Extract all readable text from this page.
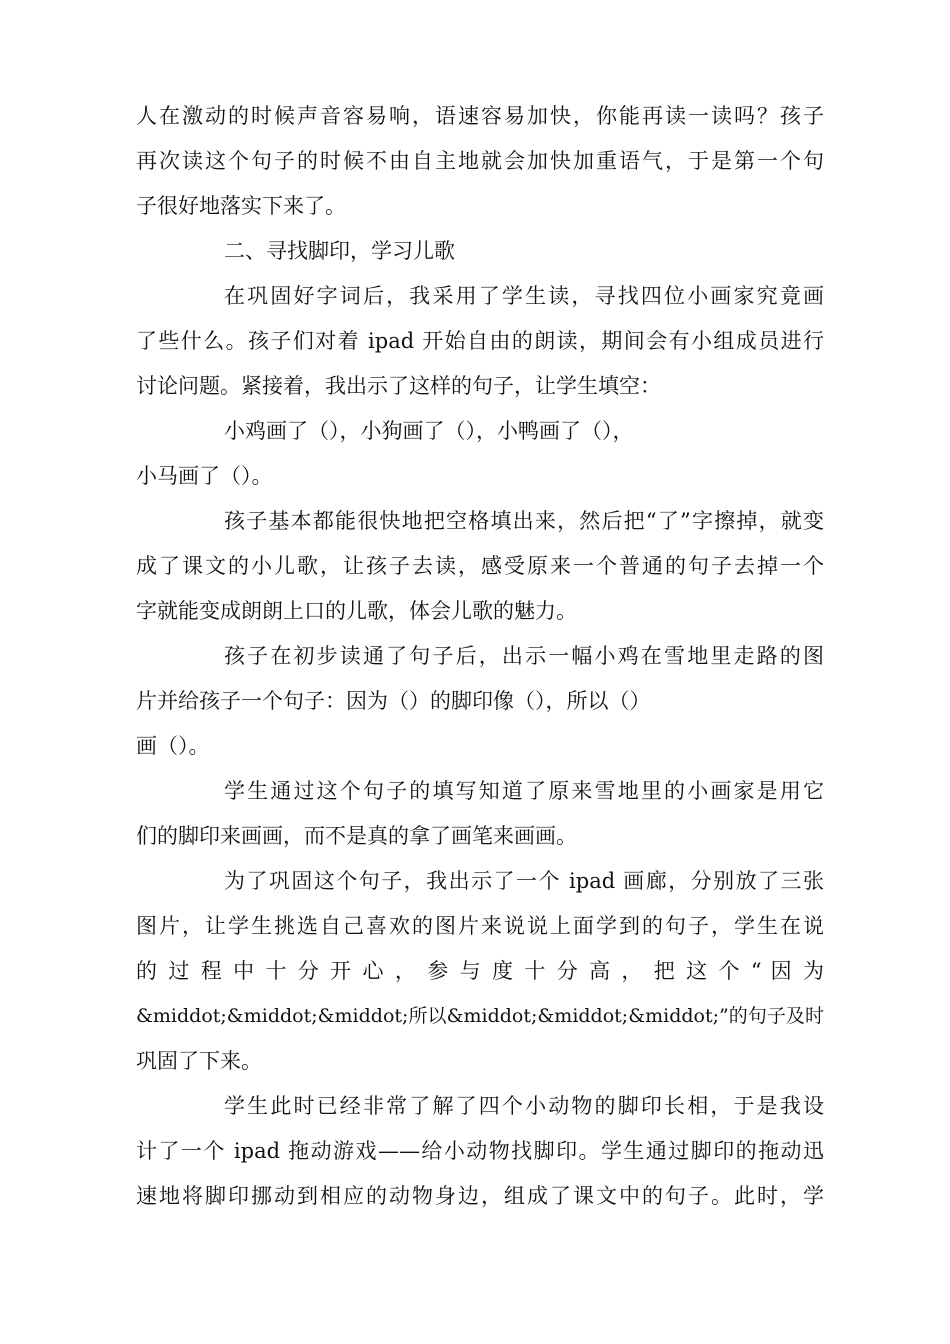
人在激动的时候声音容易响，语速容易加快，你能再读一读吗？孩子
再次读这个句子的时候不由自主地就会加快加重语气，于是第一个句
子很好地落实下来了。
二、寻找脚印，学习儿歌
在巩固好字词后，我采用了学生读，寻找四位小画家究竟画
了些什么。孩子们对着 ipad 开始自由的朗读，期间会有小组成员进行
讨论问题。紧接着，我出示了这样的句子，让学生填空：
小鸡画了（），小狗画了（），小鸭画了（），
小马画了（）。
孩子基本都能很快地把空格填出来，然后把“了”字擦掉，就变
成了课文的小儿歌，让孩子去读，感受原来一个普通的句子去掉一个
字就能变成朗朗上口的儿歌，体会儿歌的魅力。
孩子在初步读通了句子后，出示一幅小鸡在雪地里走路的图
片并给孩子一个句子：因为（）的脚印像（），所以（）
画（）。
学生通过这个句子的填写知道了原来雪地里的小画家是用它
们的脚印来画画，而不是真的拿了画笔来画画。
为了巩固这个句子，我出示了一个 ipad 画廊，分别放了三张
图片，让学生挑选自己喜欢的图片来说说上面学到的句子，学生在说
的 过 程 中 十 分 开 心 ， 参 与 度 十 分 高 ， 把 这 个 “ 因 为
&middot;&middot;&middot;所以&middot;&middot;&middot;”的句子及时
巩固了下来。
学生此时已经非常了解了四个小动物的脚印长相，于是我设
计了一个 ipad 拖动游戏——给小动物找脚印。学生通过脚印的拖动迅
速地将脚印挪动到相应的动物身边，组成了课文中的句子。此时，学
